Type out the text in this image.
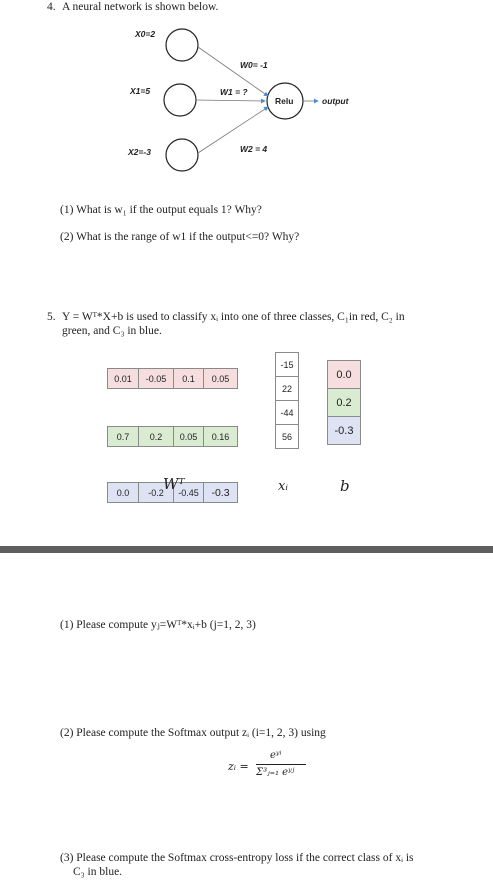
4. A neural network is shown below.
X0=2
X1=5
X2=-3
W0= -1
W1 = ?
W2 = 4
Relu	output
(1) What is w₁ if the output equals 1? Why?
(2) What is the range of w1 if the output<=0? Why?
5. Y = Wᵀ*X+b is used to classify xᵢ into one of three classes, C₁in red, C₂ in
green, and C₃ in blue.
0.01	-0.05	0.1	0.05

0.7	0.2	0.05	0.16

0.0	-0.2	-0.45	-0.3
-15
22
-44
56
0.0
0.2
-0.3
Wᵀ	xᵢ	b
(1) Please compute yⱼ=Wᵀ*xᵢ+b (j=1, 2, 3)
(2) Please compute the Softmax output zᵢ (i=1, 2, 3) using
zᵢ =
eʸⁱ
Σ³ⱼ₌₁ eʸʲ
(3) Please compute the Softmax cross-entropy loss if the correct class of xᵢ is
C₃ in blue.
